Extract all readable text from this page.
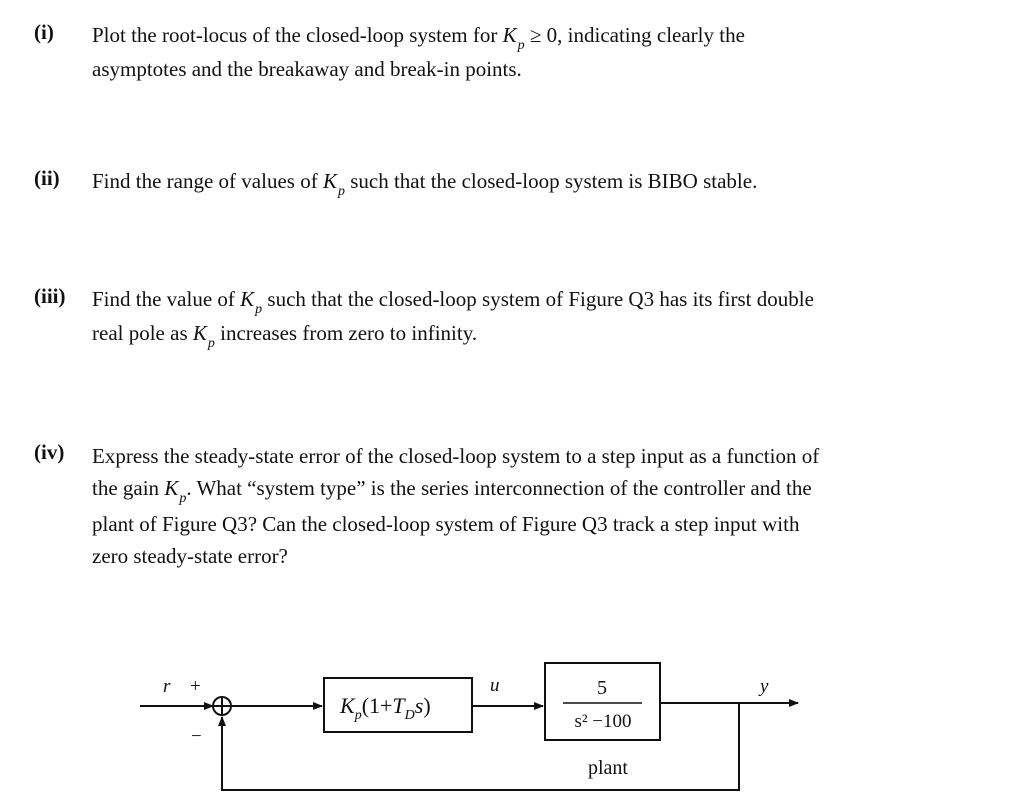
(i) Plot the root-locus of the closed-loop system for $K_p \ge 0$, indicating clearly the
asymptotes and the breakaway and break-in points.
(ii) Find the range of values of $K_p$ such that the closed-loop system is BIBO stable.
(iii) Find the value of $K_p$ such that the closed-loop system of Figure Q3 has its first double
real pole as $K_p$ increases from zero to infinity.
(iv) Express the steady-state error of the closed-loop system to a step input as a function of
the gain $K_p$. What “system type” is the series interconnection of the controller and the
plant of Figure Q3? Can the closed-loop system of Figure Q3 track a step input with
zero steady-state error?
r +
−
$K_p(1+T_Ds)$
u	5
s² −100
plant
y
